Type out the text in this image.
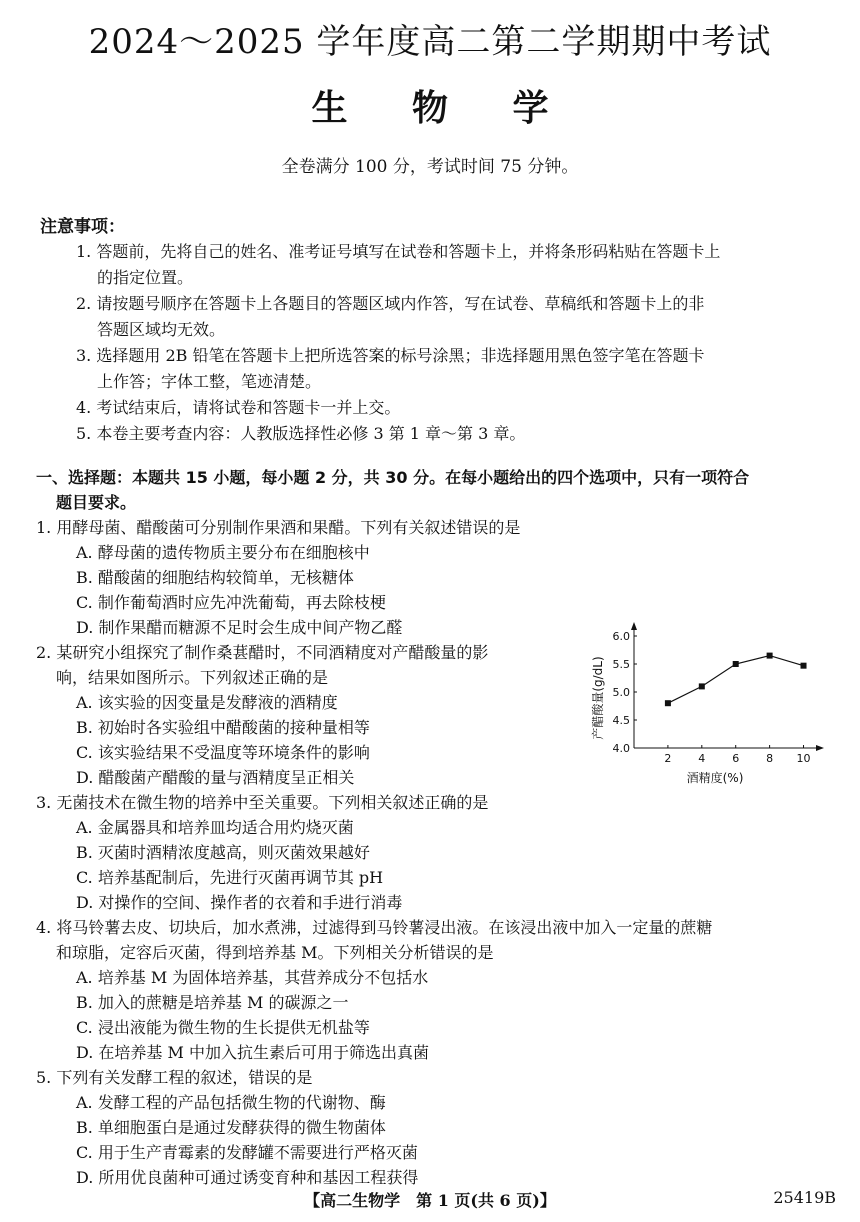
2024～2025 学年度高二第二学期期中考试
生 物 学
全卷满分 100 分，考试时间 75 分钟。
注意事项：
1. 答题前，先将自己的姓名、准考证号填写在试卷和答题卡上，并将条形码粘贴在答题卡上
的指定位置。
2. 请按题号顺序在答题卡上各题目的答题区域内作答，写在试卷、草稿纸和答题卡上的非
答题区域均无效。
3. 选择题用 2B 铅笔在答题卡上把所选答案的标号涂黑；非选择题用黑色签字笔在答题卡
上作答；字体工整，笔迹清楚。
4. 考试结束后，请将试卷和答题卡一并上交。
5. 本卷主要考查内容：人教版选择性必修 3 第 1 章～第 3 章。
一、选择题：本题共 15 小题，每小题 2 分，共 30 分。在每小题给出的四个选项中，只有一项符合
题目要求。
1. 用酵母菌、醋酸菌可分别制作果酒和果醋。下列有关叙述错误的是
A. 酵母菌的遗传物质主要分布在细胞核中
B. 醋酸菌的细胞结构较简单，无核糖体
C. 制作葡萄酒时应先冲洗葡萄，再去除枝梗
D. 制作果醋而糖源不足时会生成中间产物乙醛
2. 某研究小组探究了制作桑葚醋时，不同酒精度对产醋酸量的影
响，结果如图所示。下列叙述正确的是
A. 该实验的因变量是发酵液的酒精度
B. 初始时各实验组中醋酸菌的接种量相等
C. 该实验结果不受温度等环境条件的影响
D. 醋酸菌产醋酸的量与酒精度呈正相关
2 4 6 8 10
4.0
4.5
5.0
5.5
6.0
酒精度(%)
产醋酸量(g/dL)
3. 无菌技术在微生物的培养中至关重要。下列相关叙述正确的是
A. 金属器具和培养皿均适合用灼烧灭菌
B. 灭菌时酒精浓度越高，则灭菌效果越好
C. 培养基配制后，先进行灭菌再调节其 pH
D. 对操作的空间、操作者的衣着和手进行消毒
4. 将马铃薯去皮、切块后，加水煮沸，过滤得到马铃薯浸出液。在该浸出液中加入一定量的蔗糖
和琼脂，定容后灭菌，得到培养基 M。下列相关分析错误的是
A. 培养基 M 为固体培养基，其营养成分不包括水
B. 加入的蔗糖是培养基 M 的碳源之一
C. 浸出液能为微生物的生长提供无机盐等
D. 在培养基 M 中加入抗生素后可用于筛选出真菌
5. 下列有关发酵工程的叙述，错误的是
A. 发酵工程的产品包括微生物的代谢物、酶
B. 单细胞蛋白是通过发酵获得的微生物菌体
C. 用于生产青霉素的发酵罐不需要进行严格灭菌
D. 所用优良菌种可通过诱变育种和基因工程获得
【高二生物学　第 1 页(共 6 页)】	25419B
